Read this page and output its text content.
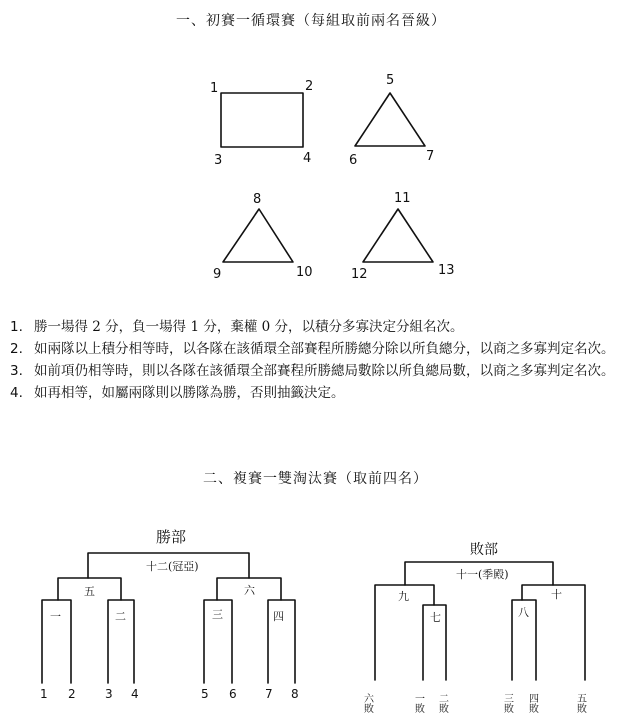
一、初賽一循環賽（每組取前兩名晉級）
二、複賽一雙淘汰賽（取前四名）
1	2
3	4
5
6	7
8
9	10
11
12	13
1. 勝一場得 2 分，負一場得 1 分，棄權 0 分，以積分多寡決定分組名次。
2. 如兩隊以上積分相等時，以各隊在該循環全部賽程所勝總分除以所負總分，以商之多寡判定名次。
3. 如前項仍相等時，則以各隊在該循環全部賽程所勝總局數除以所負總局數，以商之多寡判定名次。
4. 如再相等，如屬兩隊則以勝隊為勝，否則抽籤決定。
勝部
十二(冠亞)
五	六
一	二	三	四
1 2 3 4	5 6 7 8
敗部
十一(季殿)
九	十
七	八
六敗	一敗 二敗	三敗 四敗	五敗
